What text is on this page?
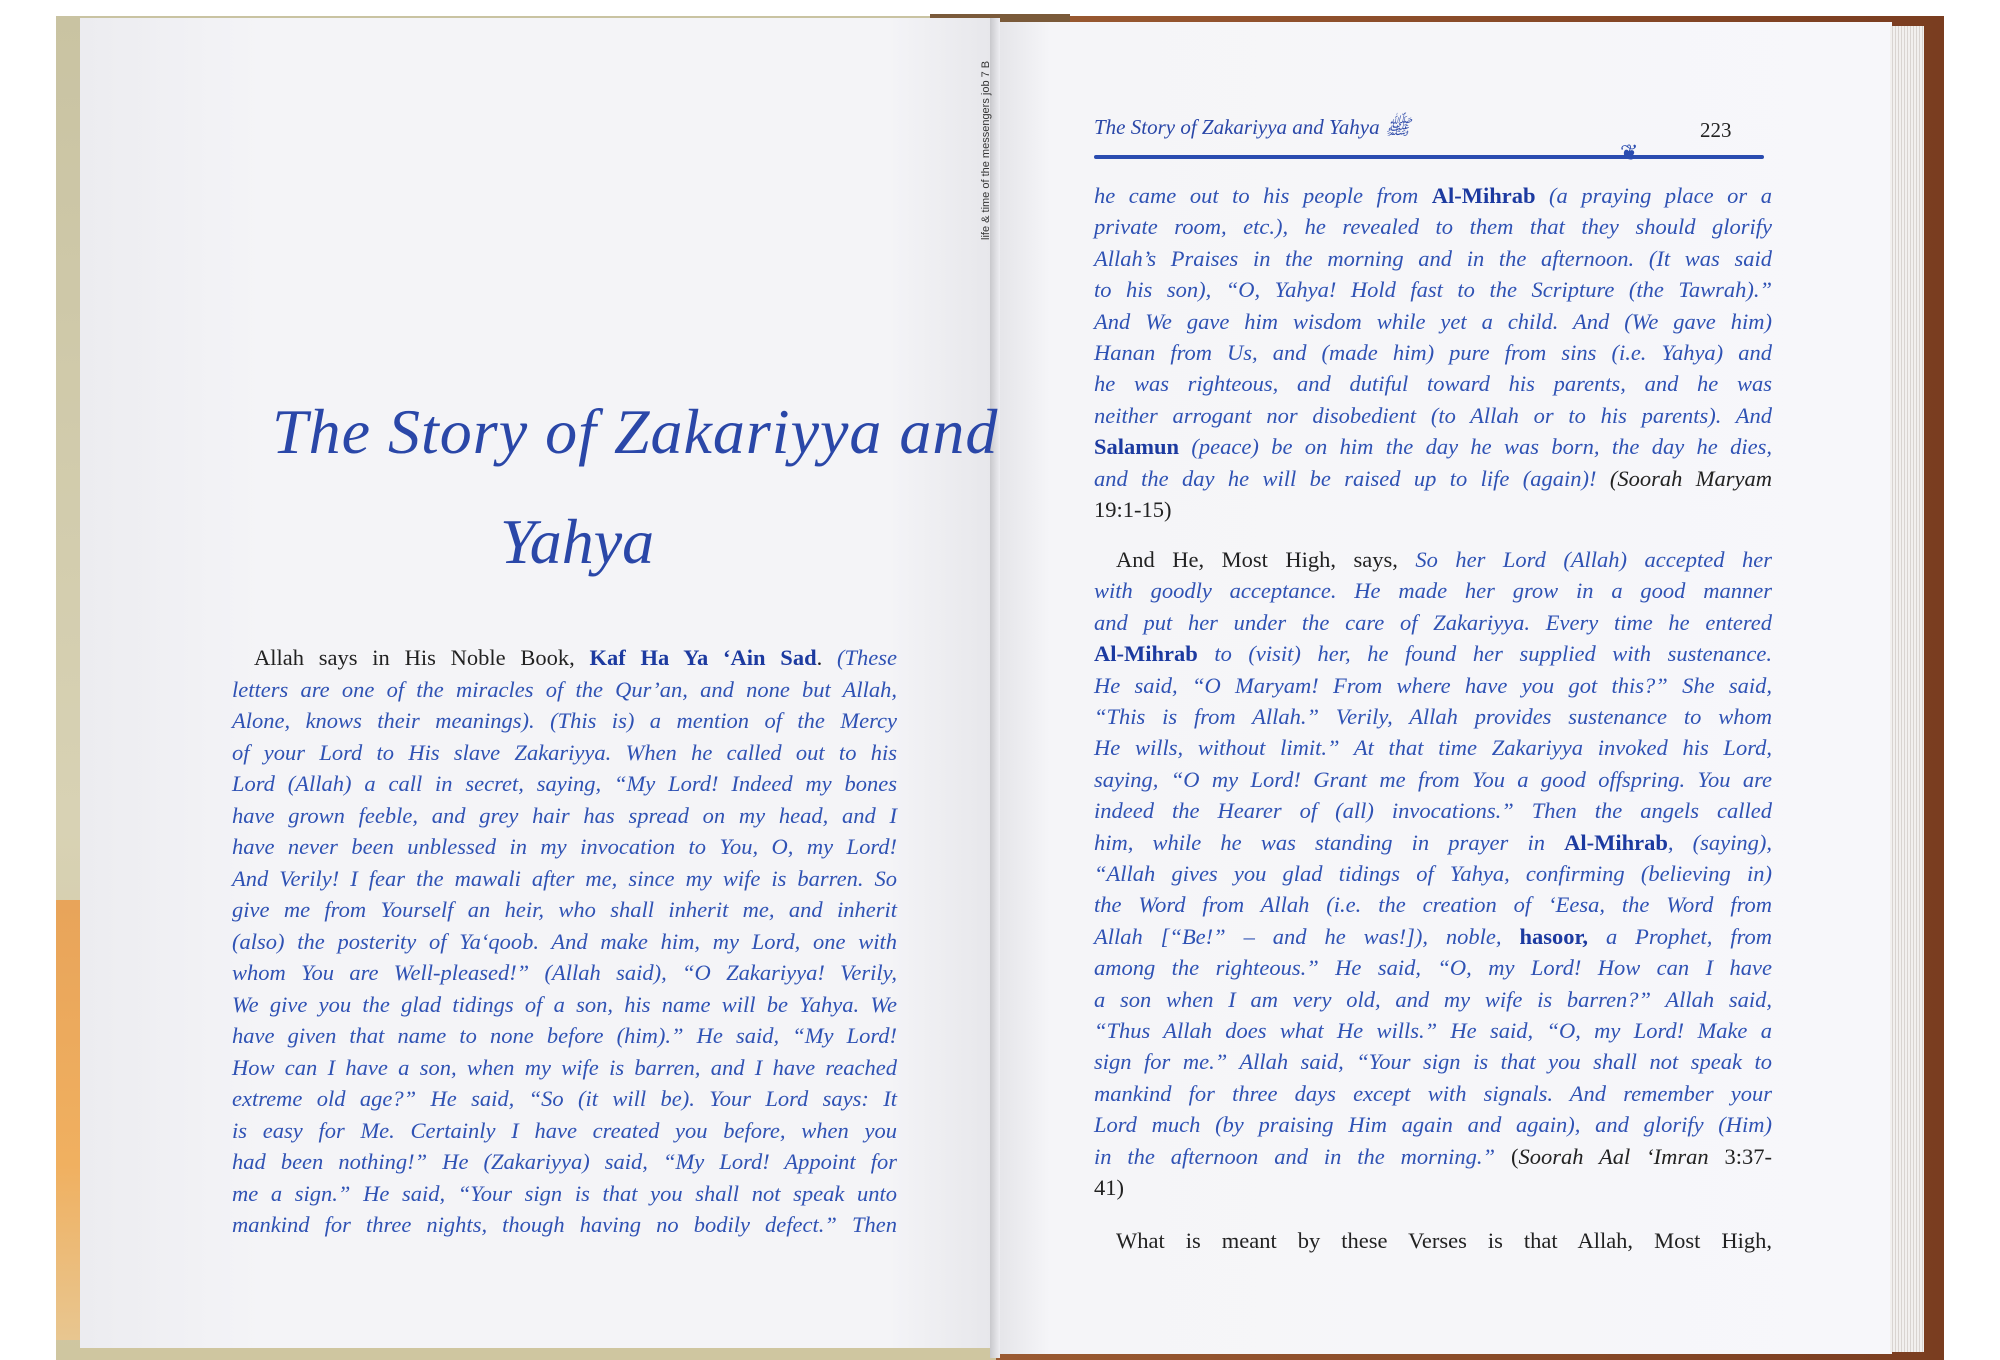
life & time of the messengers job 7 B
The Story of Zakariyya and
Yahya
Allah says in His Noble Book, Kaf Ha Ya ‘Ain Sad. (These
letters are one of the miracles of the Qur’an, and none but Allah,
Alone, knows their meanings). (This is) a mention of the Mercy
of your Lord to His slave Zakariyya. When he called out to his
Lord (Allah) a call in secret, saying, “My Lord! Indeed my bones
have grown feeble, and grey hair has spread on my head, and I
have never been unblessed in my invocation to You, O, my Lord!
And Verily! I fear the mawali after me, since my wife is barren. So
give me from Yourself an heir, who shall inherit me, and inherit
(also) the posterity of Ya‘qoob. And make him, my Lord, one with
whom You are Well-pleased!” (Allah said), “O Zakariyya! Verily,
We give you the glad tidings of a son, his name will be Yahya. We
have given that name to none before (him).” He said, “My Lord!
How can I have a son, when my wife is barren, and I have reached
extreme old age?” He said, “So (it will be). Your Lord says: It
is easy for Me. Certainly I have created you before, when you
had been nothing!” He (Zakariyya) said, “My Lord! Appoint for
me a sign.” He said, “Your sign is that you shall not speak unto
mankind for three nights, though having no bodily defect.” Then
The Story of Zakariyya and Yahya ﷺ	223
❦
he came out to his people from Al-Mihrab (a praying place or a
private room, etc.), he revealed to them that they should glorify
Allah’s Praises in the morning and in the afternoon. (It was said
to his son), “O, Yahya! Hold fast to the Scripture (the Tawrah).”
And We gave him wisdom while yet a child. And (We gave him)
Hanan from Us, and (made him) pure from sins (i.e. Yahya) and
he was righteous, and dutiful toward his parents, and he was
neither arrogant nor disobedient (to Allah or to his parents). And
Salamun (peace) be on him the day he was born, the day he dies,
and the day he will be raised up to life (again)! (Soorah Maryam
19:1-15)
And He, Most High, says, So her Lord (Allah) accepted her
with goodly acceptance. He made her grow in a good manner
and put her under the care of Zakariyya. Every time he entered
Al-Mihrab to (visit) her, he found her supplied with sustenance.
He said, “O Maryam! From where have you got this?” She said,
“This is from Allah.” Verily, Allah provides sustenance to whom
He wills, without limit.” At that time Zakariyya invoked his Lord,
saying, “O my Lord! Grant me from You a good offspring. You are
indeed the Hearer of (all) invocations.” Then the angels called
him, while he was standing in prayer in Al-Mihrab, (saying),
“Allah gives you glad tidings of Yahya, confirming (believing in)
the Word from Allah (i.e. the creation of ‘Eesa, the Word from
Allah [“Be!” – and he was!]), noble, hasoor, a Prophet, from
among the righteous.” He said, “O, my Lord! How can I have
a son when I am very old, and my wife is barren?” Allah said,
“Thus Allah does what He wills.” He said, “O, my Lord! Make a
sign for me.” Allah said, “Your sign is that you shall not speak to
mankind for three days except with signals. And remember your
Lord much (by praising Him again and again), and glorify (Him)
in the afternoon and in the morning.” (Soorah Aal ‘Imran 3:37-
41)
What is meant by these Verses is that Allah, Most High,
